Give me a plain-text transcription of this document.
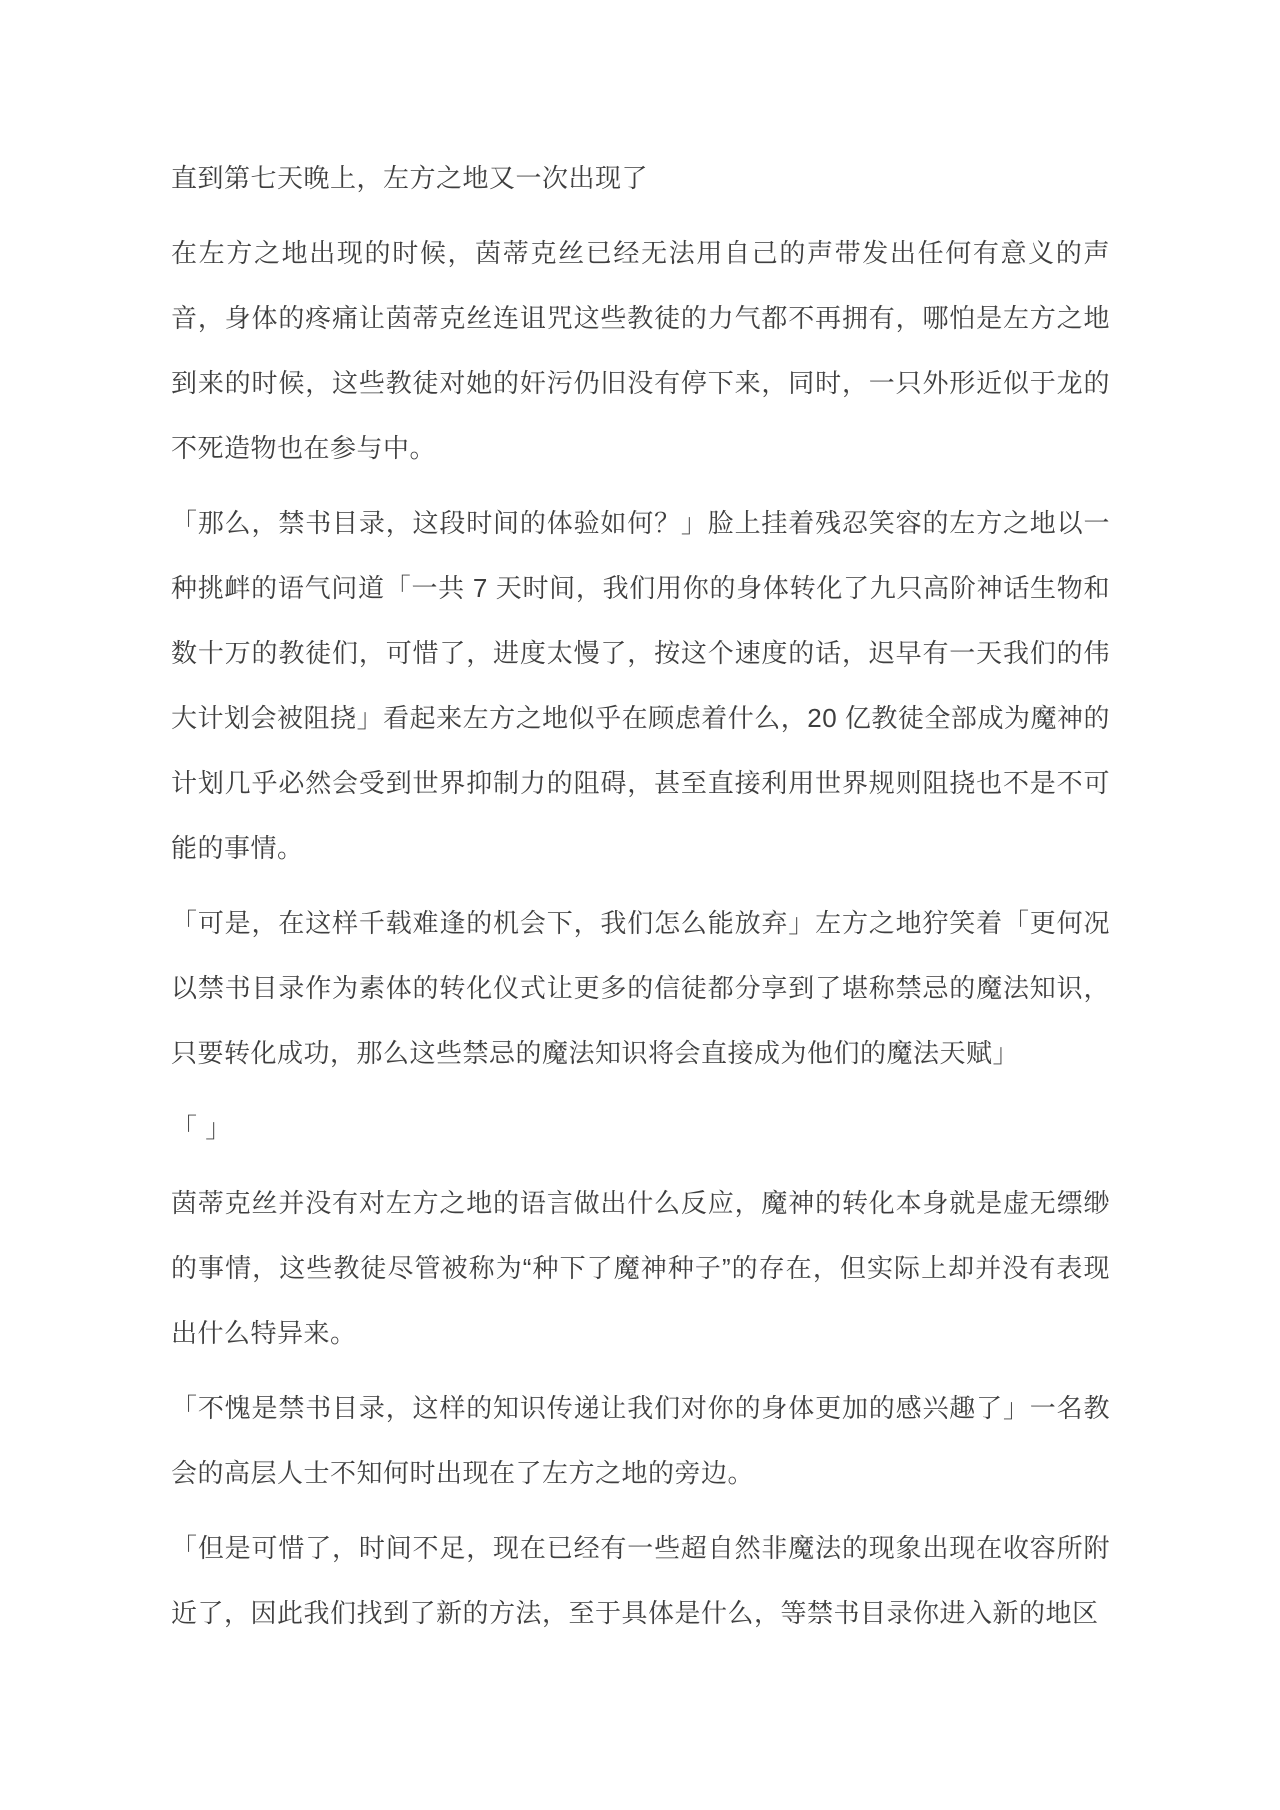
直到第七天晚上，左方之地又一次出现了

在左方之地出现的时候，茵蒂克丝已经无法用自己的声带发出任何有意义的声音，身体的疼痛让茵蒂克丝连诅咒这些教徒的力气都不再拥有，哪怕是左方之地到来的时候，这些教徒对她的奸污仍旧没有停下来，同时，一只外形近似于龙的不死造物也在参与中。

「那么，禁书目录，这段时间的体验如何？」脸上挂着残忍笑容的左方之地以一种挑衅的语气问道「一共 7 天时间，我们用你的身体转化了九只高阶神话生物和数十万的教徒们，可惜了，进度太慢了，按这个速度的话，迟早有一天我们的伟大计划会被阻挠」看起来左方之地似乎在顾虑着什么，20 亿教徒全部成为魔神的计划几乎必然会受到世界抑制力的阻碍，甚至直接利用世界规则阻挠也不是不可能的事情。

「可是，在这样千载难逢的机会下，我们怎么能放弃」左方之地狞笑着「更何况以禁书目录作为素体的转化仪式让更多的信徒都分享到了堪称禁忌的魔法知识，只要转化成功，那么这些禁忌的魔法知识将会直接成为他们的魔法天赋」

「 」

茵蒂克丝并没有对左方之地的语言做出什么反应，魔神的转化本身就是虚无缥缈的事情，这些教徒尽管被称为“种下了魔神种子”的存在，但实际上却并没有表现出什么特异来。

「不愧是禁书目录，这样的知识传递让我们对你的身体更加的感兴趣了」一名教会的高层人士不知何时出现在了左方之地的旁边。

「但是可惜了，时间不足，现在已经有一些超自然非魔法的现象出现在收容所附近了，因此我们找到了新的方法，至于具体是什么，等禁书目录你进入新的地区
